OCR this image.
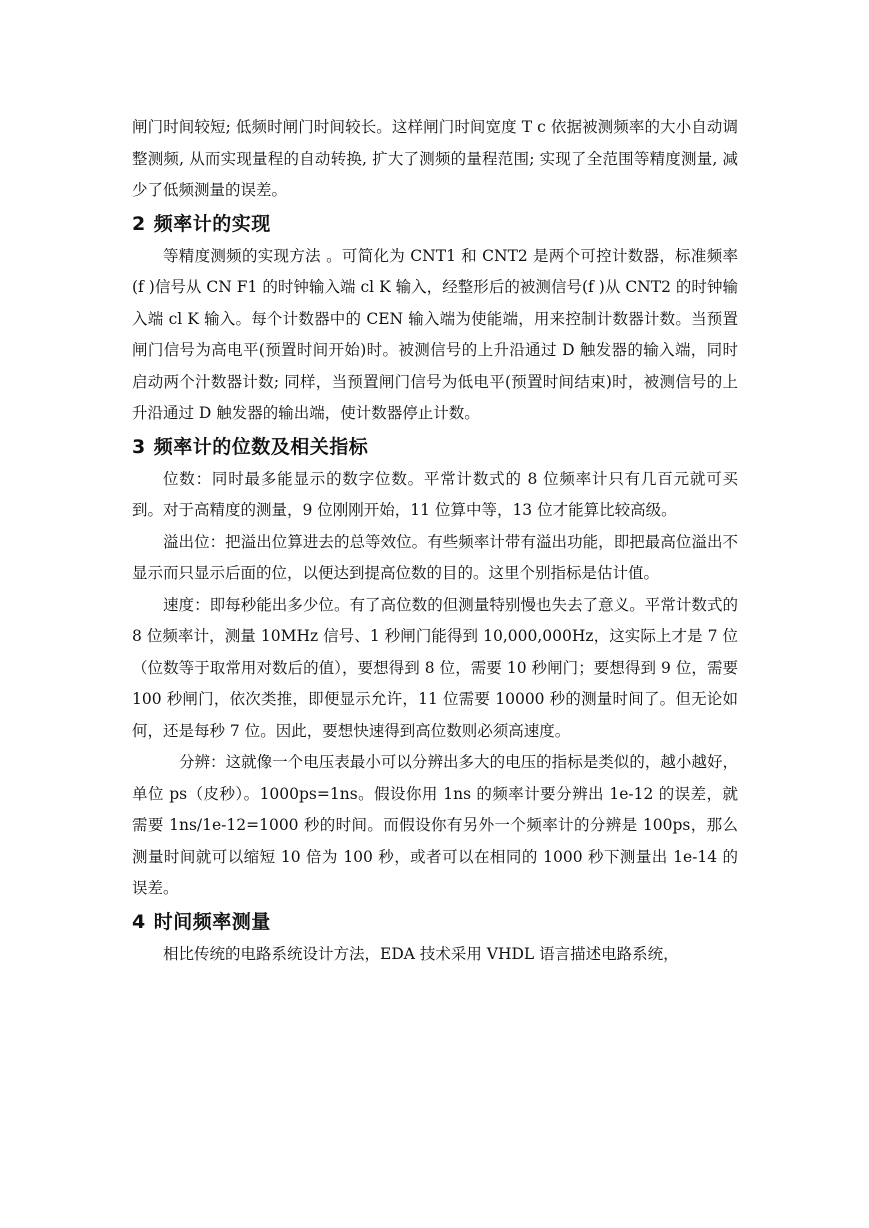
闸门时间较短; 低频时闸门时间较长。这样闸门时间宽度 T c 依据被测频率的大小自动调整测频, 从而实现量程的自动转换, 扩大了测频的量程范围; 实现了全范围等精度测量, 减少了低频测量的误差。

2 频率计的实现

等精度测频的实现方法 。可简化为 CNT1 和 CNT2 是两个可控计数器，标准频率(f )信号从 CN F1 的时钟输入端 cl K 输入，经整形后的被测信号(f )从 CNT2 的时钟输入端 cl K 输入。每个计数器中的 CEN 输入端为使能端，用来控制计数器计数。当预置闸门信号为高电平(预置时间开始)时。被测信号的上升沿通过 D 触发器的输入端，同时启动两个汁数器计数; 同样，当预置闸门信号为低电平(预置时间结束)时，被测信号的上升沿通过 D 触发器的输出端，使计数器停止计数。

3 频率计的位数及相关指标

位数：同时最多能显示的数字位数。平常计数式的 8 位频率计只有几百元就可买到。对于高精度的测量，9 位刚刚开始，11 位算中等，13 位才能算比较高级。

溢出位：把溢出位算进去的总等效位。有些频率计带有溢出功能，即把最高位溢出不显示而只显示后面的位，以便达到提高位数的目的。这里个别指标是估计值。

速度：即每秒能出多少位。有了高位数的但测量特别慢也失去了意义。平常计数式的 8 位频率计，测量 10MHz 信号、1 秒闸门能得到 10,000,000Hz，这实际上才是 7 位（位数等于取常用对数后的值），要想得到 8 位，需要 10 秒闸门；要想得到 9 位，需要 100 秒闸门，依次类推，即便显示允许，11 位需要 10000 秒的测量时间了。但无论如何，还是每秒 7 位。因此，要想快速得到高位数则必须高速度。

分辨：这就像一个电压表最小可以分辨出多大的电压的指标是类似的，越小越好，单位 ps（皮秒）。1000ps=1ns。假设你用 1ns 的频率计要分辨出 1e-12 的误差，就需要 1ns/1e-12=1000 秒的时间。而假设你有另外一个频率计的分辨是 100ps，那么测量时间就可以缩短 10 倍为 100 秒，或者可以在相同的 1000 秒下测量出 1e-14 的误差。

4 时间频率测量

相比传统的电路系统设计方法，EDA 技术采用 VHDL 语言描述电路系统，
